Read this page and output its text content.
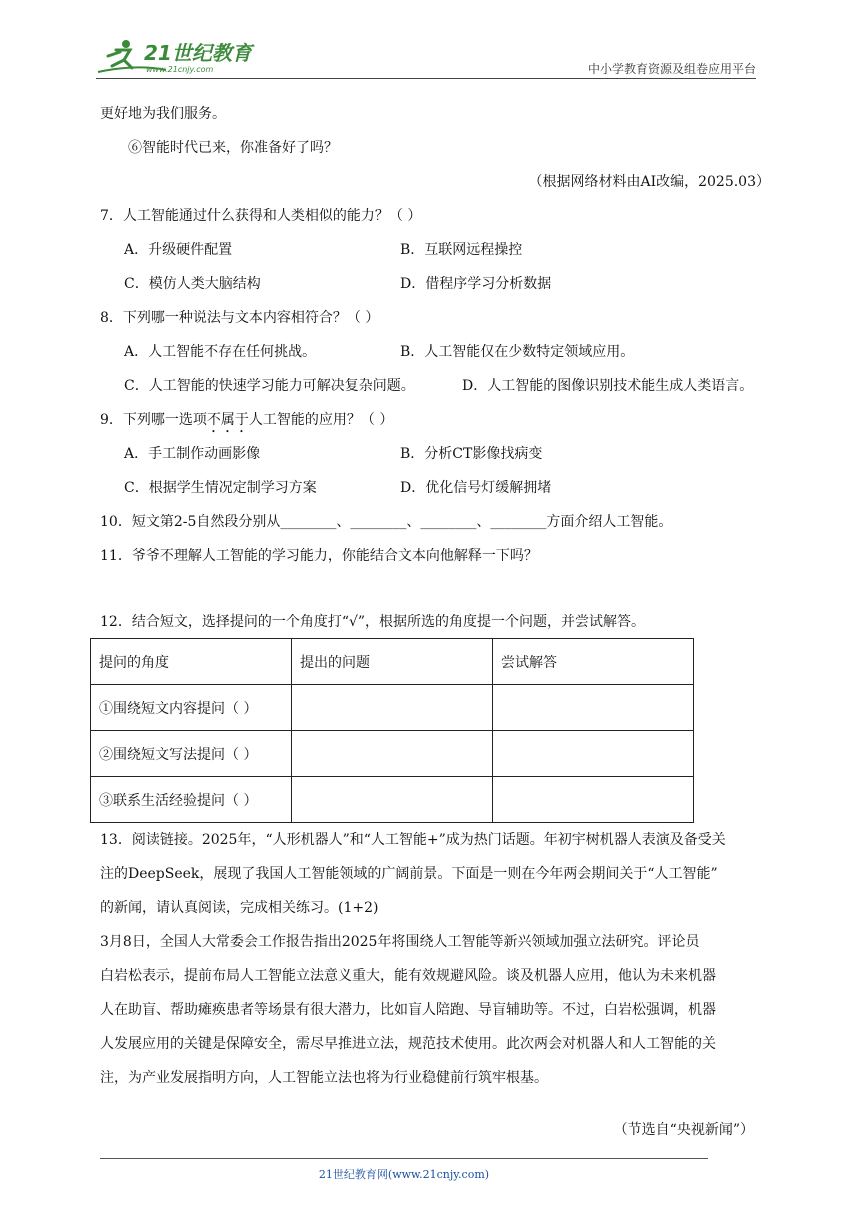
21世纪教育
www.21cnjy.com	中小学教育资源及组卷应用平台
更好地为我们服务。
⑥智能时代已来，你准备好了吗？
（根据网络材料由AI改编，2025.03）
7．人工智能通过什么获得和人类相似的能力？（ ）
A．升级硬件配置	B．互联网远程操控
C．模仿人类大脑结构	D．借程序学习分析数据
8．下列哪一种说法与文本内容相符合？（ ）
A．人工智能不存在任何挑战。	B．人工智能仅在少数特定领域应用。
C．人工智能的快速学习能力可解决复杂问题。	D．人工智能的图像识别技术能生成人类语言。
9．下列哪一选项不属于人工智能的应用？（ ）
A．手工制作动画影像	B．分析CT影像找病变
C．根据学生情况定制学习方案	D．优化信号灯缓解拥堵
10．短文第2-5自然段分别从________、________、________、________方面介绍人工智能。
11．爷爷不理解人工智能的学习能力，你能结合文本向他解释一下吗？
12．结合短文，选择提问的一个角度打“√”，根据所选的角度提一个问题，并尝试解答。
13．阅读链接。2025年，“人形机器人”和“人工智能+”成为热门话题。年初宇树机器人表演及备受关
注的DeepSeek，展现了我国人工智能领域的广阔前景。下面是一则在今年两会期间关于“人工智能”
的新闻，请认真阅读，完成相关练习。(1+2)
3月8日，全国人大常委会工作报告指出2025年将围绕人工智能等新兴领域加强立法研究。评论员
白岩松表示，提前布局人工智能立法意义重大，能有效规避风险。谈及机器人应用，他认为未来机器
人在助盲、帮助瘫痪患者等场景有很大潜力，比如盲人陪跑、导盲辅助等。不过，白岩松强调，机器
人发展应用的关键是保障安全，需尽早推进立法，规范技术使用。此次两会对机器人和人工智能的关
注，为产业发展指明方向，人工智能立法也将为行业稳健前行筑牢根基。
（节选自“央视新闻”）
提问的角度	提出的问题	尝试解答
①围绕短文内容提问（ ）		
②围绕短文写法提问（ ）		
③联系生活经验提问（ ）		
21世纪教育网(www.21cnjy.com)
